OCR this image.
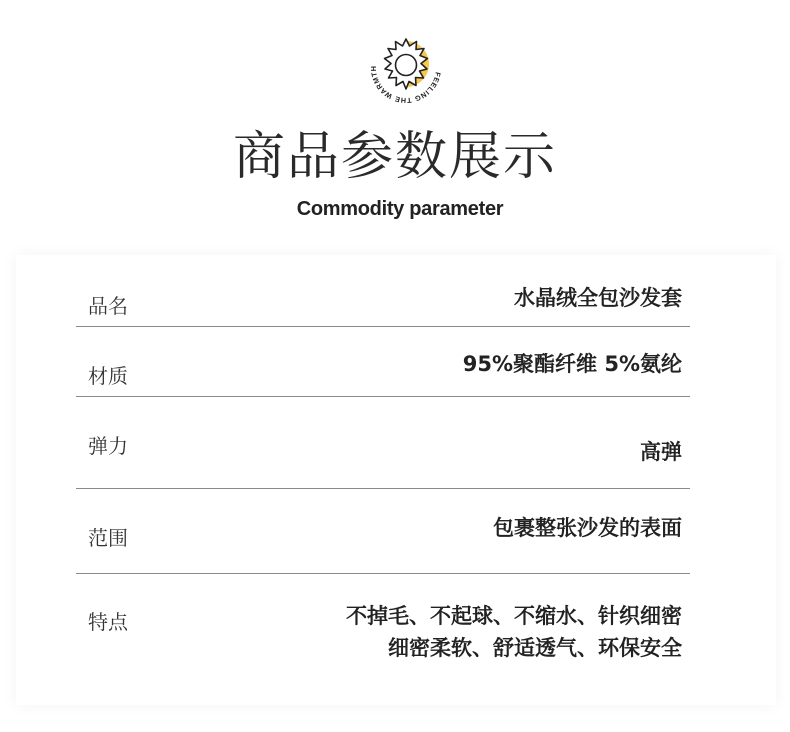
FEELING THE WARMTH
商品参数展示
Commodity parameter
品名	水晶绒全包沙发套
材质	95%聚酯纤维 5%氨纶
弹力	高弹
范围	包裹整张沙发的表面
特点	不掉毛、不起球、不缩水、针织细密
细密柔软、舒适透气、环保安全
